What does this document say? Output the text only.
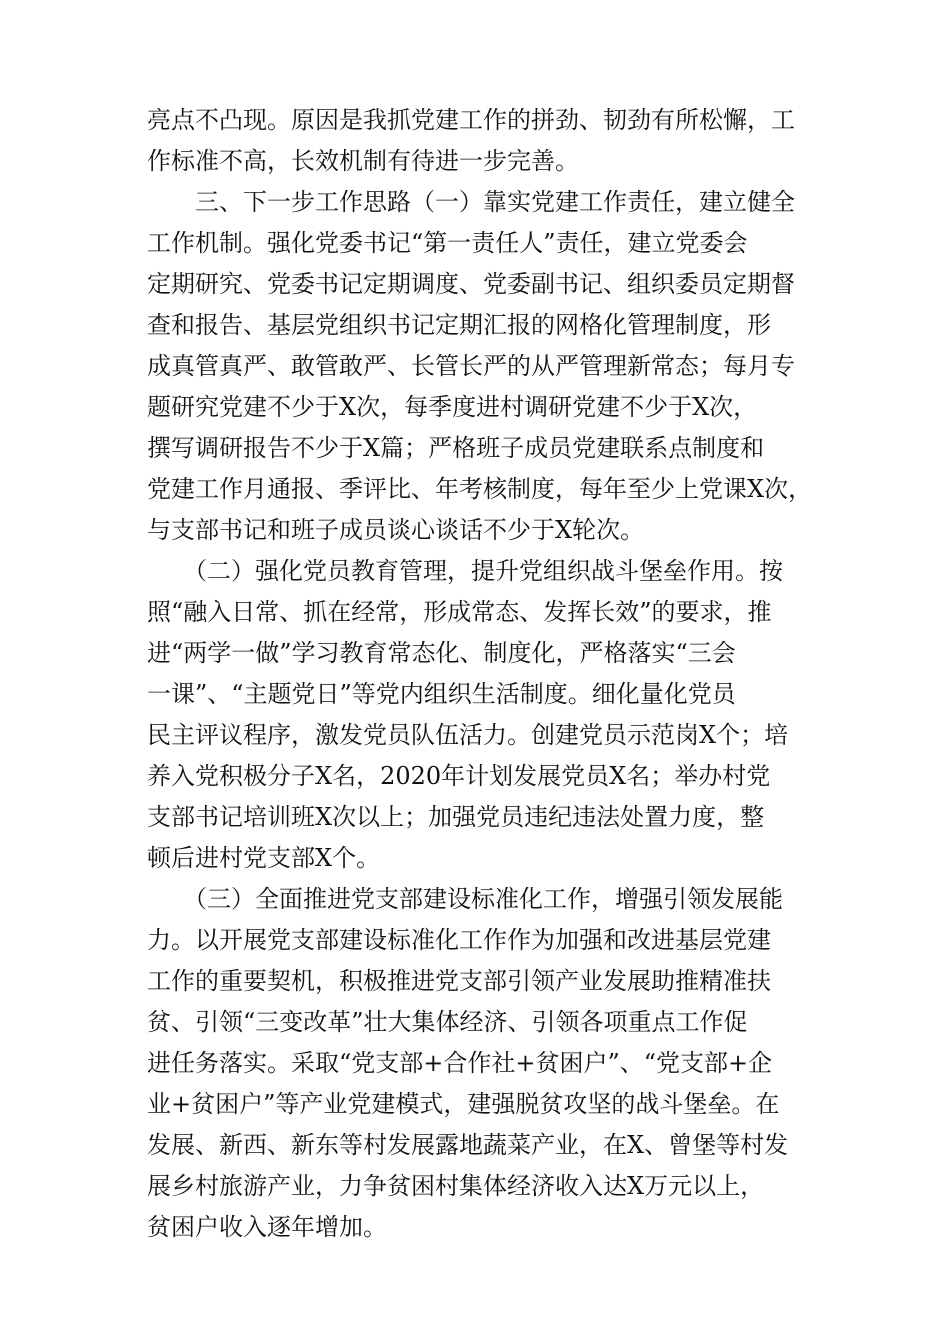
亮点不凸现。原因是我抓党建工作的拼劲、韧劲有所松懈，工
作标准不高，长效机制有待进一步完善。
　　三、下一步工作思路（一）靠实党建工作责任，建立健全
工作机制。强化党委书记“第一责任人”责任，建立党委会
定期研究、党委书记定期调度、党委副书记、组织委员定期督
查和报告、基层党组织书记定期汇报的网格化管理制度，形
成真管真严、敢管敢严、长管长严的从严管理新常态；每月专
题研究党建不少于X次，每季度进村调研党建不少于X次，
撰写调研报告不少于X篇；严格班子成员党建联系点制度和
党建工作月通报、季评比、年考核制度，每年至少上党课X次，
与支部书记和班子成员谈心谈话不少于X轮次。
　　（二）强化党员教育管理，提升党组织战斗堡垒作用。按
照“融入日常、抓在经常，形成常态、发挥长效”的要求，推
进“两学一做”学习教育常态化、制度化，严格落实“三会
一课”、“主题党日”等党内组织生活制度。细化量化党员
民主评议程序，激发党员队伍活力。创建党员示范岗X个；培
养入党积极分子X名，2020年计划发展党员X名；举办村党
支部书记培训班X次以上；加强党员违纪违法处置力度，整
顿后进村党支部X个。
　　（三）全面推进党支部建设标准化工作，增强引领发展能
力。以开展党支部建设标准化工作作为加强和改进基层党建
工作的重要契机，积极推进党支部引领产业发展助推精准扶
贫、引领“三变改革”壮大集体经济、引领各项重点工作促
进任务落实。采取“党支部+合作社+贫困户”、“党支部+企
业+贫困户”等产业党建模式，建强脱贫攻坚的战斗堡垒。在
发展、新西、新东等村发展露地蔬菜产业，在X、曾堡等村发
展乡村旅游产业，力争贫困村集体经济收入达X万元以上，
贫困户收入逐年增加。
